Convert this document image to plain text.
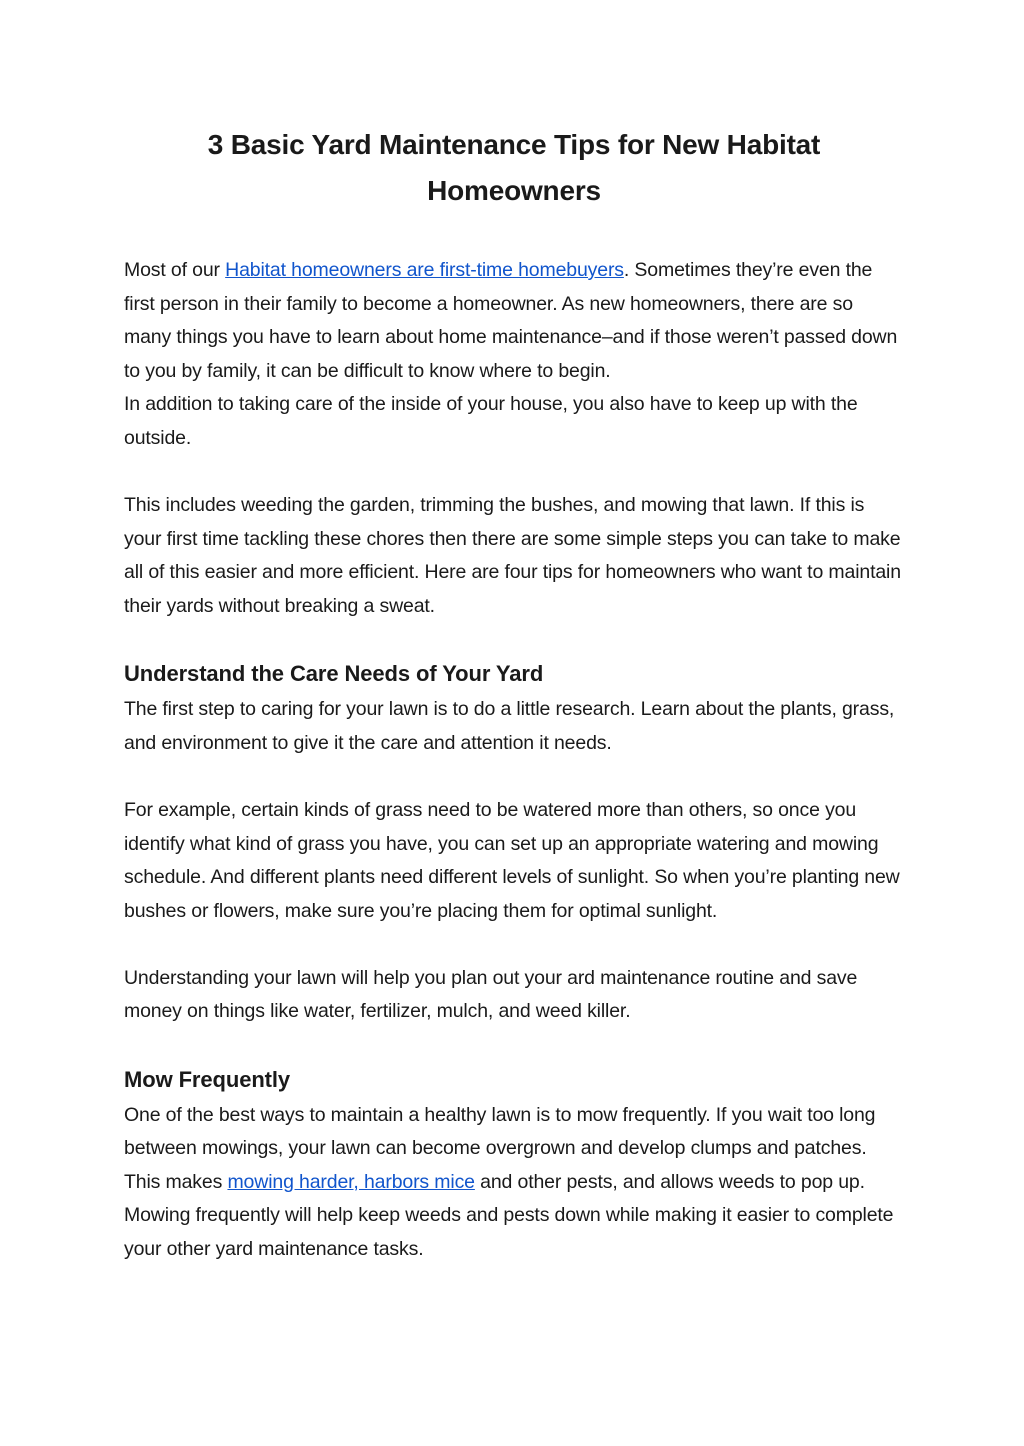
3 Basic Yard Maintenance Tips for New Habitat
Homeowners

Most of our Habitat homeowners are first-time homebuyers. Sometimes they’re even the first person in their family to become a homeowner. As new homeowners, there are so many things you have to learn about home maintenance–and if those weren’t passed down to you by family, it can be difficult to know where to begin.

In addition to taking care of the inside of your house, you also have to keep up with the outside.

This includes weeding the garden, trimming the bushes, and mowing that lawn. If this is your first time tackling these chores then there are some simple steps you can take to make all of this easier and more efficient. Here are four tips for homeowners who want to maintain their yards without breaking a sweat.

Understand the Care Needs of Your Yard

The first step to caring for your lawn is to do a little research. Learn about the plants, grass, and environment to give it the care and attention it needs.

For example, certain kinds of grass need to be watered more than others, so once you identify what kind of grass you have, you can set up an appropriate watering and mowing schedule. And different plants need different levels of sunlight. So when you’re planting new bushes or flowers, make sure you’re placing them for optimal sunlight.

Understanding your lawn will help you plan out your ard maintenance routine and save money on things like water, fertilizer, mulch, and weed killer.

Mow Frequently

One of the best ways to maintain a healthy lawn is to mow frequently. If you wait too long between mowings, your lawn can become overgrown and develop clumps and patches. This makes mowing harder, harbors mice and other pests, and allows weeds to pop up. Mowing frequently will help keep weeds and pests down while making it easier to complete your other yard maintenance tasks.
